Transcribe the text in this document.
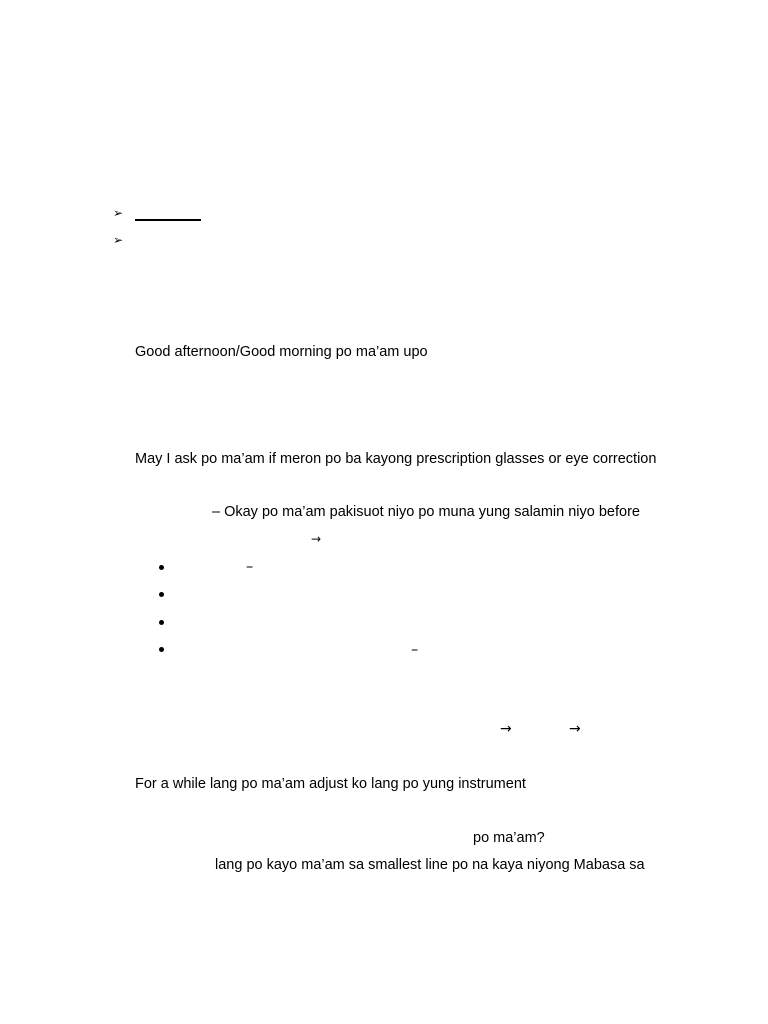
➢
➢
Good afternoon/Good morning po ma’am upo
May I ask po ma’am if meron po ba kayong prescription glasses or eye correction
– Okay po ma’am pakisuot niyo po muna yung salamin niyo before
→
–
–
→	→
For a while lang po ma’am adjust ko lang po yung instrument
po ma’am?
lang po kayo ma’am sa smallest line po na kaya niyong Mabasa sa
